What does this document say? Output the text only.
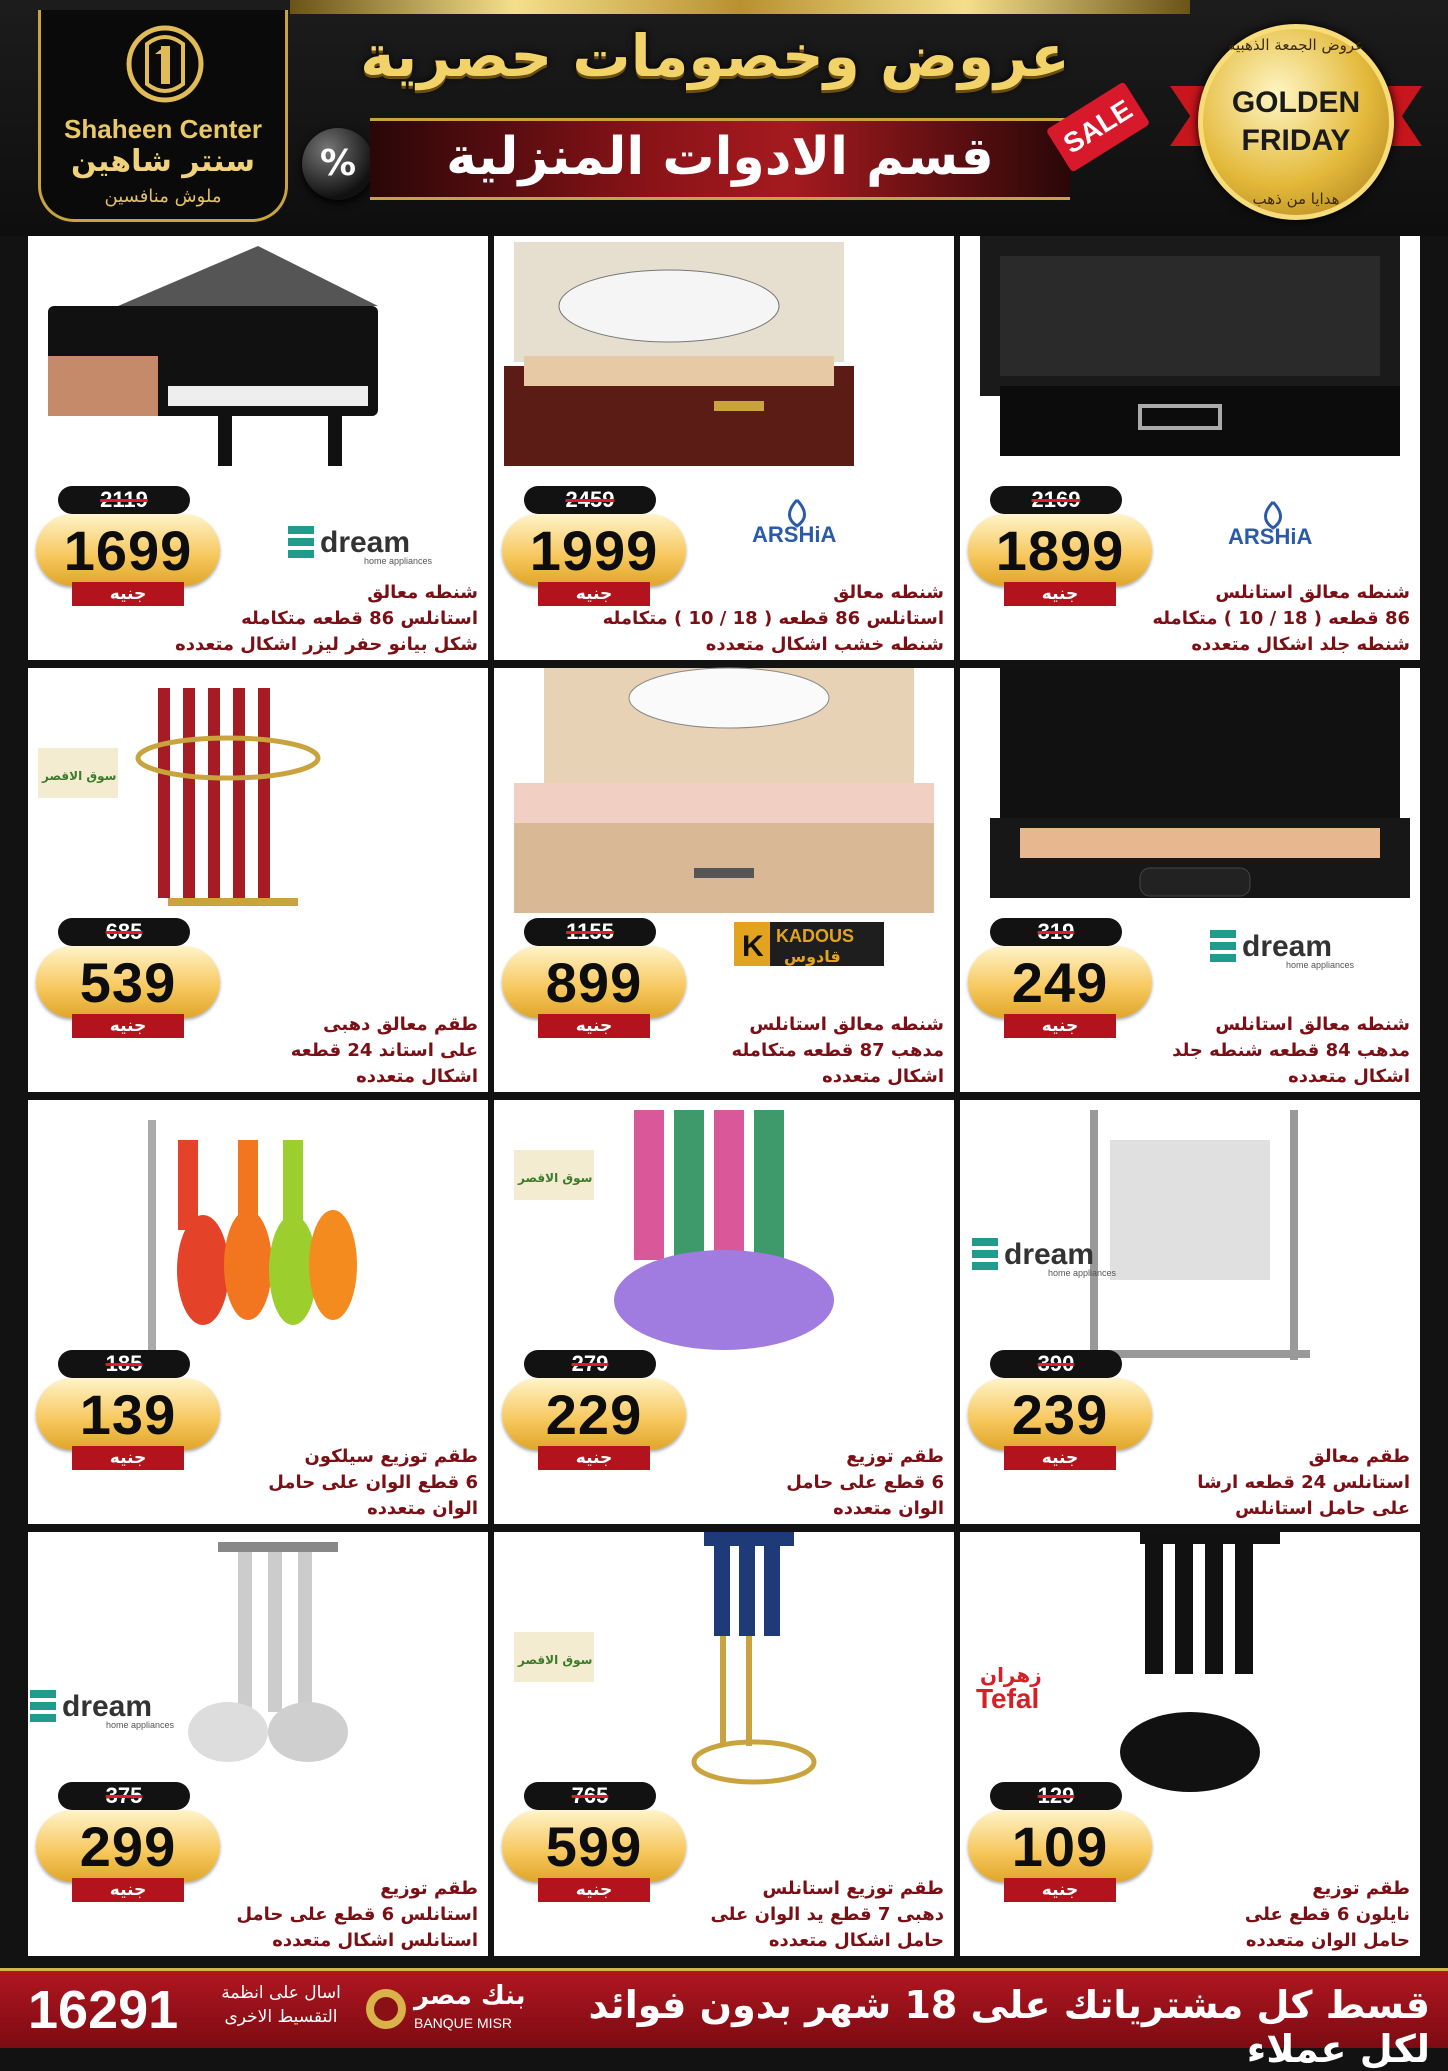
Shaheen Center
سنتر شاهين
ملوش منافسين
عروض وخصومات حصرية
%	قسم الادوات المنزلية	SALE
عروض الجمعة الذهبية
GOLDEN
FRIDAY
هدايا من ذهب
2119
1699
جنيه
dream
home appliances
شنطه معالق
استانلس 86 قطعه متكامله
شكل بيانو حفر ليزر اشكال متعدده
2459
1999
جنيه
ARSHiA
شنطه معالق
استانلس 86 قطعه ( 18 / 10 ) متكامله
شنطه خشب اشكال متعدده
2169
1899
جنيه
ARSHiA
شنطه معالق استانلس
86 قطعه ( 18 / 10 ) متكامله
شنطه جلد اشكال متعدده
685
539
جنيه
سوق الاقصر
طقم معالق دهبى
على استاند 24 قطعه
اشكال متعدده
1155
899
جنيه
K KADOUS
قادوس
شنطه معالق استانلس
مدهب 87 قطعه متكامله
اشكال متعدده
319
249
جنيه
dream
home appliances
شنطه معالق استانلس
مدهب 84 قطعه شنطه جلد
اشكال متعدده
185
139
جنيه	طقم توزيع سيلكون
6 قطع الوان على حامل
الوان متعدده
279
229
جنيه
سوق الاقصر
طقم توزيع
6 قطع على حامل
الوان متعدده
390
239
جنيه
dream
home appliances
طقم معالق
استانلس 24 قطعه ارشا
على حامل استانلس
375
299
جنيه
dream
home appliances
طقم توزيع
استانلس 6 قطع على حامل
استانلس اشكال متعدده
765
599
جنيه
سوق الاقصر
طقم توزيع استانلس
دهبى 7 قطع يد الوان على
حامل اشكال متعدده
129
109
جنيه
زهران
Tefal
طقم توزيع
نايلون 6 قطع على
حامل الوان متعدده
16291	اسال على انظمة
التقسيط الاخرى
بنك مصر
BANQUE MISR	قسط كل مشترياتك على 18 شهر بدون فوائد لكل عملاء
